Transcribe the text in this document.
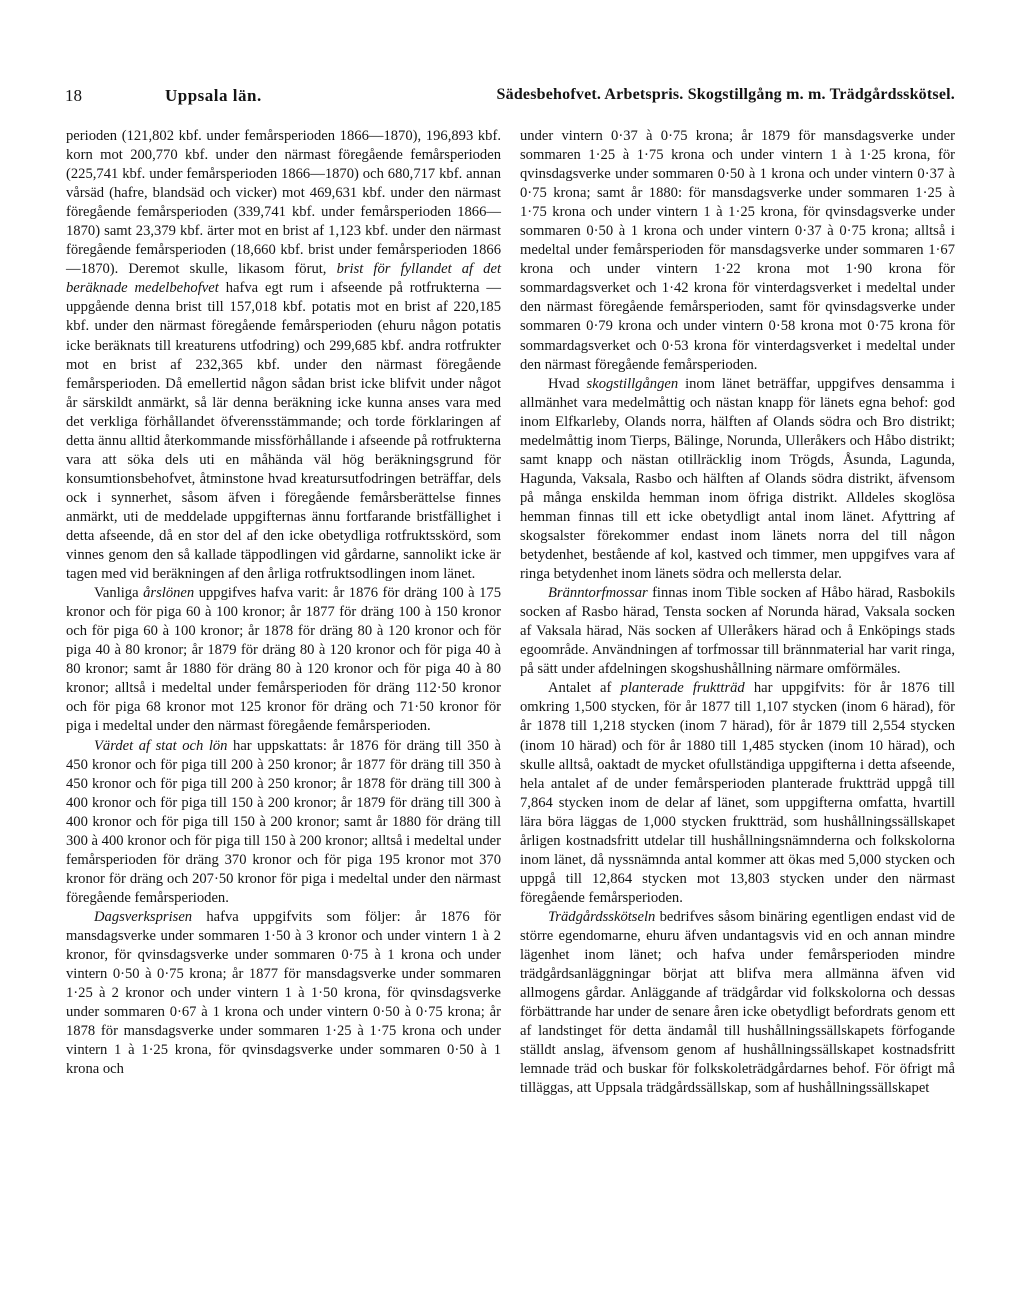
18	Uppsala län.	Sädesbehofvet. Arbetspris. Skogstillgång m. m. Trädgårdsskötsel.

perioden (121,802 kbf. under femårsperioden 1866—1870), 196,893 kbf. korn mot 200,770 kbf. under den närmast föregående femårsperioden (225,741 kbf. under femårsperioden 1866—1870) och 680,717 kbf. annan vårsäd (hafre, blandsäd och vicker) mot 469,631 kbf. under den närmast föregående femårsperioden (339,741 kbf. under femårsperioden 1866—1870) samt 23,379 kbf. ärter mot en brist af 1,123 kbf. under den närmast föregående femårsperioden (18,660 kbf. brist under femårsperioden 1866—1870). Deremot skulle, likasom förut, brist för fyllandet af det beräknade medelbehofvet hafva egt rum i afseende på rotfrukterna — uppgående denna brist till 157,018 kbf. potatis mot en brist af 220,185 kbf. under den närmast föregående femårsperioden (ehuru någon potatis icke beräknats till kreaturens utfodring) och 299,685 kbf. andra rotfrukter mot en brist af 232,365 kbf. under den närmast föregående femårsperioden. Då emellertid någon sådan brist icke blifvit under något år särskildt anmärkt, så lär denna beräkning icke kunna anses vara med det verkliga förhållandet öfverensstämmande; och torde förklaringen af detta ännu alltid återkommande missförhållande i afseende på rotfrukterna vara att söka dels uti en måhända väl hög beräkningsgrund för konsumtionsbehofvet, åtminstone hvad kreatursutfodringen beträffar, dels ock i synnerhet, såsom äfven i föregående femårsberättelse finnes anmärkt, uti de meddelade uppgifternas ännu fortfarande bristfällighet i detta afseende, då en stor del af den icke obetydliga rotfruktsskörd, som vinnes genom den så kallade täppodlingen vid gårdarne, sannolikt icke är tagen med vid beräkningen af den årliga rotfruktsodlingen inom länet.

Vanliga årslönen uppgifves hafva varit: år 1876 för dräng 100 à 175 kronor och för piga 60 à 100 kronor; år 1877 för dräng 100 à 150 kronor och för piga 60 à 100 kronor; år 1878 för dräng 80 à 120 kronor och för piga 40 à 80 kronor; år 1879 för dräng 80 à 120 kronor och för piga 40 à 80 kronor; samt år 1880 för dräng 80 à 120 kronor och för piga 40 à 80 kronor; alltså i medeltal under femårsperioden för dräng 112·50 kronor och för piga 68 kronor mot 125 kronor för dräng och 71·50 kronor för piga i medeltal under den närmast föregående femårsperioden.

Värdet af stat och lön har uppskattats: år 1876 för dräng till 350 à 450 kronor och för piga till 200 à 250 kronor; år 1877 för dräng till 350 à 450 kronor och för piga till 200 à 250 kronor; år 1878 för dräng till 300 à 400 kronor och för piga till 150 à 200 kronor; år 1879 för dräng till 300 à 400 kronor och för piga till 150 à 200 kronor; samt år 1880 för dräng till 300 à 400 kronor och för piga till 150 à 200 kronor; alltså i medeltal under femårsperioden för dräng 370 kronor och för piga 195 kronor mot 370 kronor för dräng och 207·50 kronor för piga i medeltal under den närmast föregående femårsperioden.

Dagsverksprisen hafva uppgifvits som följer: år 1876 för mansdagsverke under sommaren 1·50 à 3 kronor och under vintern 1 à 2 kronor, för qvinsdagsverke under sommaren 0·75 à 1 krona och under vintern 0·50 à 0·75 krona; år 1877 för mansdagsverke under sommaren 1·25 à 2 kronor och under vintern 1 à 1·50 krona, för qvinsdagsverke under sommaren 0·67 à 1 krona och under vintern 0·50 à 0·75 krona; år 1878 för mansdagsverke under sommaren 1·25 à 1·75 krona och under vintern 1 à 1·25 krona, för qvinsdagsverke under sommaren 0·50 à 1 krona och

under vintern 0·37 à 0·75 krona; år 1879 för mansdagsverke under sommaren 1·25 à 1·75 krona och under vintern 1 à 1·25 krona, för qvinsdagsverke under sommaren 0·50 à 1 krona och under vintern 0·37 à 0·75 krona; samt år 1880: för mansdagsverke under sommaren 1·25 à 1·75 krona och under vintern 1 à 1·25 krona, för qvinsdagsverke under sommaren 0·50 à 1 krona och under vintern 0·37 à 0·75 krona; alltså i medeltal under femårsperioden för mansdagsverke under sommaren 1·67 krona och under vintern 1·22 krona mot 1·90 krona för sommardagsverket och 1·42 krona för vinterdagsverket i medeltal under den närmast föregående femårsperioden, samt för qvinsdagsverke under sommaren 0·79 krona och under vintern 0·58 krona mot 0·75 krona för sommardagsverket och 0·53 krona för vinterdagsverket i medeltal under den närmast föregående femårsperioden.

Hvad skogstillgången inom länet beträffar, uppgifves densamma i allmänhet vara medelmåttig och nästan knapp för länets egna behof: god inom Elfkarleby, Olands norra, hälften af Olands södra och Bro distrikt; medelmåttig inom Tierps, Bälinge, Norunda, Ulleråkers och Håbo distrikt; samt knapp och nästan otillräcklig inom Trögds, Åsunda, Lagunda, Hagunda, Vaksala, Rasbo och hälften af Olands södra distrikt, äfvensom på många enskilda hemman inom öfriga distrikt. Alldeles skoglösa hemman finnas till ett icke obetydligt antal inom länet. Afyttring af skogsalster förekommer endast inom länets norra del till någon betydenhet, bestående af kol, kastved och timmer, men uppgifves vara af ringa betydenhet inom länets södra och mellersta delar.

Bränntorfmossar finnas inom Tible socken af Håbo härad, Rasbokils socken af Rasbo härad, Tensta socken af Norunda härad, Vaksala socken af Vaksala härad, Näs socken af Ulleråkers härad och å Enköpings stads egoområde. Användningen af torfmossar till brännmaterial har varit ringa, på sätt under afdelningen skogshushållning närmare omförmäles.

Antalet af planterade fruktträd har uppgifvits: för år 1876 till omkring 1,500 stycken, för år 1877 till 1,107 stycken (inom 6 härad), för år 1878 till 1,218 stycken (inom 7 härad), för år 1879 till 2,554 stycken (inom 10 härad) och för år 1880 till 1,485 stycken (inom 10 härad), och skulle alltså, oaktadt de mycket ofullständiga uppgifterna i detta afseende, hela antalet af de under femårsperioden planterade fruktträd uppgå till 7,864 stycken inom de delar af länet, som uppgifterna omfatta, hvartill lära böra läggas de 1,000 stycken fruktträd, som hushållningssällskapet årligen kostnadsfritt utdelar till hushållningsnämnderna och folkskolorna inom länet, då nyssnämnda antal kommer att ökas med 5,000 stycken och uppgå till 12,864 stycken mot 13,803 stycken under den närmast föregående femårsperioden.

Trädgårdsskötseln bedrifves såsom binäring egentligen endast vid de större egendomarne, ehuru äfven undantagsvis vid en och annan mindre lägenhet inom länet; och hafva under femårsperioden mindre trädgårdsanläggningar börjat att blifva mera allmänna äfven vid allmogens gårdar. Anläggande af trädgårdar vid folkskolorna och dessas förbättrande har under de senare åren icke obetydligt befordrats genom ett af landstinget för detta ändamål till hushållningssällskapets förfogande ställdt anslag, äfvensom genom af hushållningssällskapet kostnadsfritt lemnade träd och buskar för folkskoleträdgårdarnes behof. För öfrigt må tilläggas, att Uppsala trädgårdssällskap, som af hushållningssällskapet
